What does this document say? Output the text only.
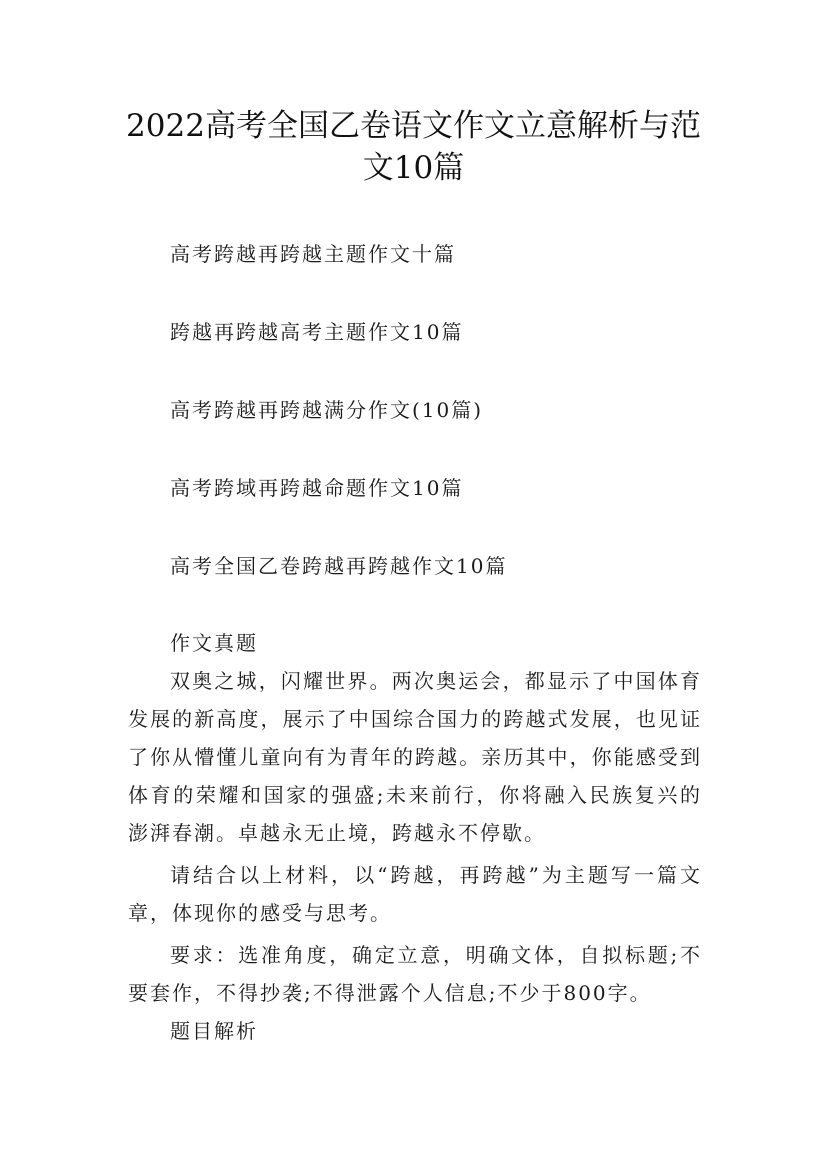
2022高考全国乙卷语文作文立意解析与范
文10篇
高考跨越再跨越主题作文十篇
跨越再跨越高考主题作文10篇
高考跨越再跨越满分作文(10篇)
高考跨域再跨越命题作文10篇
高考全国乙卷跨越再跨越作文10篇
作文真题
双奥之城，闪耀世界。两次奥运会，都显示了中国体育
发展的新高度，展示了中国综合国力的跨越式发展，也见证
了你从懵懂儿童向有为青年的跨越。亲历其中，你能感受到
体育的荣耀和国家的强盛;未来前行，你将融入民族复兴的
澎湃春潮。卓越永无止境，跨越永不停歇。
请结合以上材料，以“跨越，再跨越”为主题写一篇文
章，体现你的感受与思考。
要求：选准角度，确定立意，明确文体，自拟标题;不
要套作，不得抄袭;不得泄露个人信息;不少于800字。
题目解析
